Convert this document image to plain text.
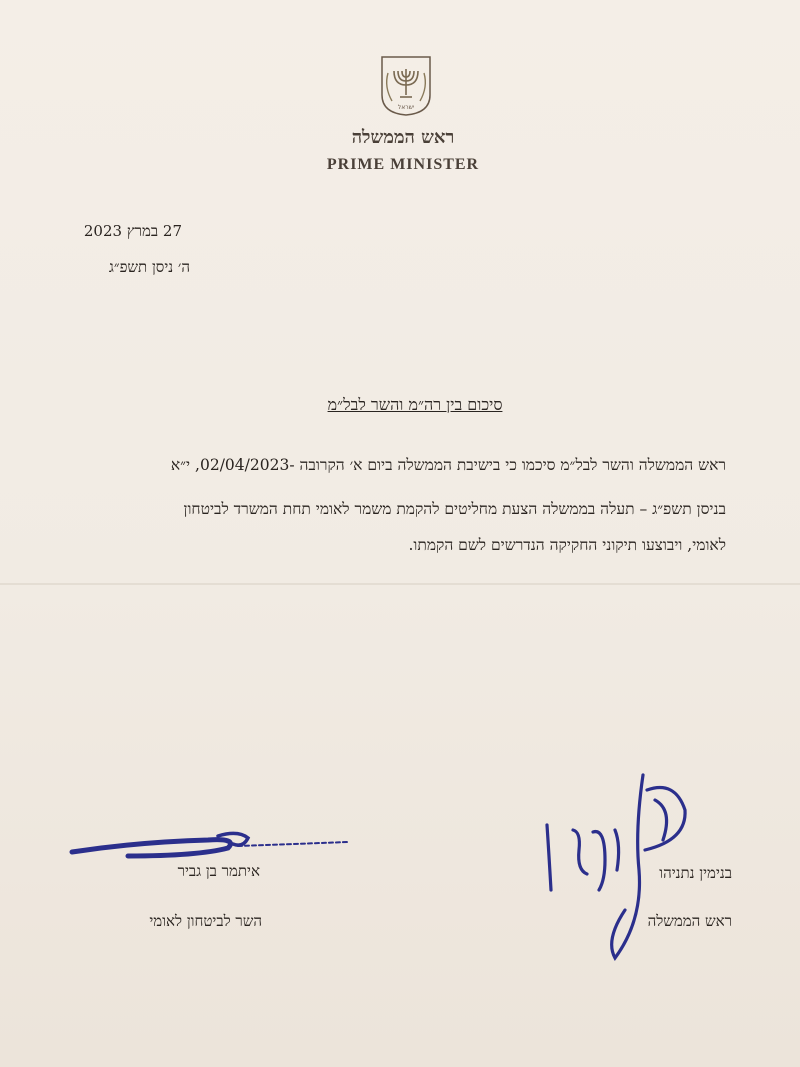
ישראל
ראש הממשלה
PRIME MINISTER
27 במרץ 2023
ה׳ ניסן תשפ״ג
סיכום בין רה״מ והשר לבל״מ
ראש הממשלה והשר לבל״מ סיכמו כי בישיבת הממשלה ביום א׳ הקרובה -02/04/2023, י״א
בניסן תשפ״ג – תעלה בממשלה הצעת מחליטים להקמת משמר לאומי תחת המשרד לביטחון
לאומי, ויבוצעו תיקוני החקיקה הנדרשים לשם הקמתו.
בנימין נתניהו
ראש הממשלה
איתמר בן גביר
השר לביטחון לאומי
